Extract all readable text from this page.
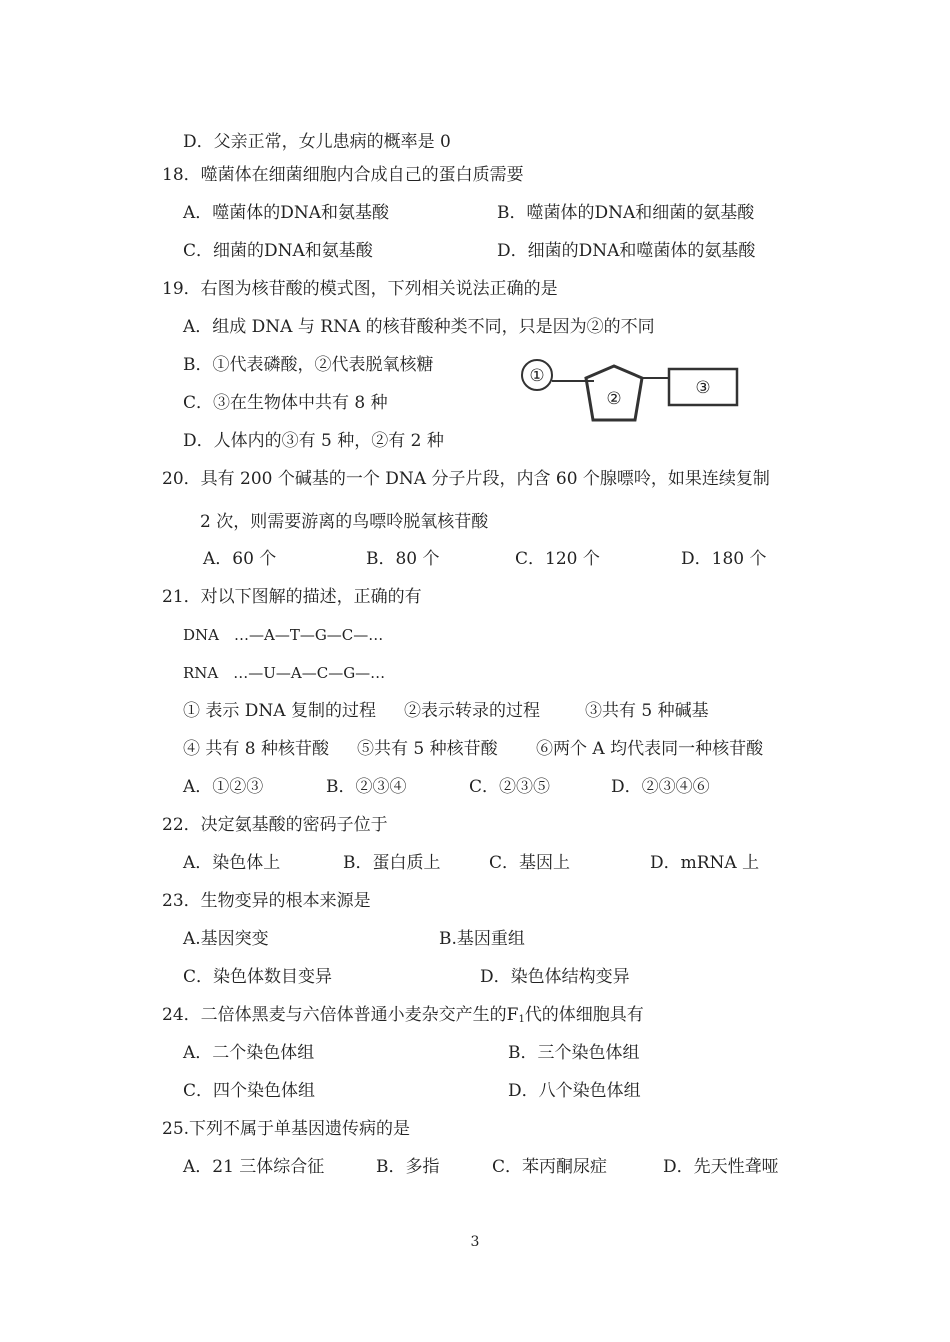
D．父亲正常，女儿患病的概率是 0
18．噬菌体在细菌细胞内合成自己的蛋白质需要
A．噬菌体的DNA和氨基酸	B．噬菌体的DNA和细菌的氨基酸
C．细菌的DNA和氨基酸	D．细菌的DNA和噬菌体的氨基酸
19．右图为核苷酸的模式图，下列相关说法正确的是
A．组成 DNA 与 RNA 的核苷酸种类不同，只是因为②的不同
B．①代表磷酸，②代表脱氧核糖
C．③在生物体中共有 8 种
D．人体内的③有 5 种，②有 2 种
①
②
③
20．具有 200 个碱基的一个 DNA 分子片段，内含 60 个腺嘌呤，如果连续复制
2 次，则需要游离的鸟嘌呤脱氧核苷酸
A．60 个	B．80 个	C．120 个	D．180 个
21．对以下图解的描述，正确的有
DNA　…—A—T—G—C—…
RNA　…—U—A—C—G—…
① 表示 DNA 复制的过程 ②表示转录的过程	③共有 5 种碱基
④ 共有 8 种核苷酸 ⑤共有 5 种核苷酸 ⑥两个 A 均代表同一种核苷酸
A．①②③	B．②③④	C．②③⑤	D．②③④⑥
22．决定氨基酸的密码子位于
A．染色体上	B．蛋白质上	C．基因上	D．mRNA 上
23．生物变异的根本来源是
A.基因突变	B.基因重组
C．染色体数目变异	D．染色体结构变异
24．二倍体黑麦与六倍体普通小麦杂交产生的$F_1$代的体细胞具有
A．二个染色体组	B．三个染色体组
C．四个染色体组	D．八个染色体组
25.下列不属于单基因遗传病的是
A．21 三体综合征	B．多指	C．苯丙酮尿症	D．先天性聋哑
3
